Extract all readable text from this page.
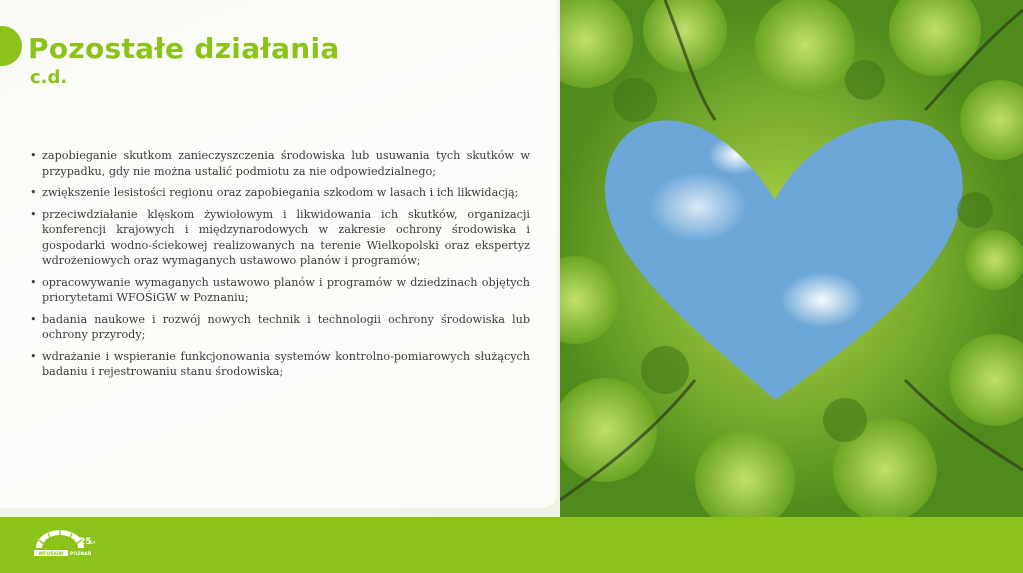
Pozostałe działania
c.d.
• zapobieganie skutkom zanieczyszczenia środowiska lub usuwania tych skutków w przypadku, gdy nie można ustalić podmiotu za nie odpowiedzialnego;
• zwiększenie lesistości regionu oraz zapobiegania szkodom w lasach i ich likwidacją;
• przeciwdziałanie klęskom żywiołowym i likwidowania ich skutków, organizacji konferencji krajowych i międzynarodowych w zakresie ochrony środowiska i gospodarki wodno-ściekowej realizowanych na terenie Wielkopolski oraz ekspertyz wdrożeniowych oraz wymaganych ustawowo planów i programów;
• opracowywanie wymaganych ustawowo planów i programów w dziedzinach objętych priorytetami WFOŚiGW w Poznaniu;
• badania naukowe i rozwój nowych technik i technologii ochrony środowiska lub ochrony przyrody;
• wdrażanie i wspieranie funkcjonowania systemów kontrolno-pomiarowych służących badaniu i rejestrowaniu stanu środowiska;
WFOŚiGW POZNAŃ
25
lat
